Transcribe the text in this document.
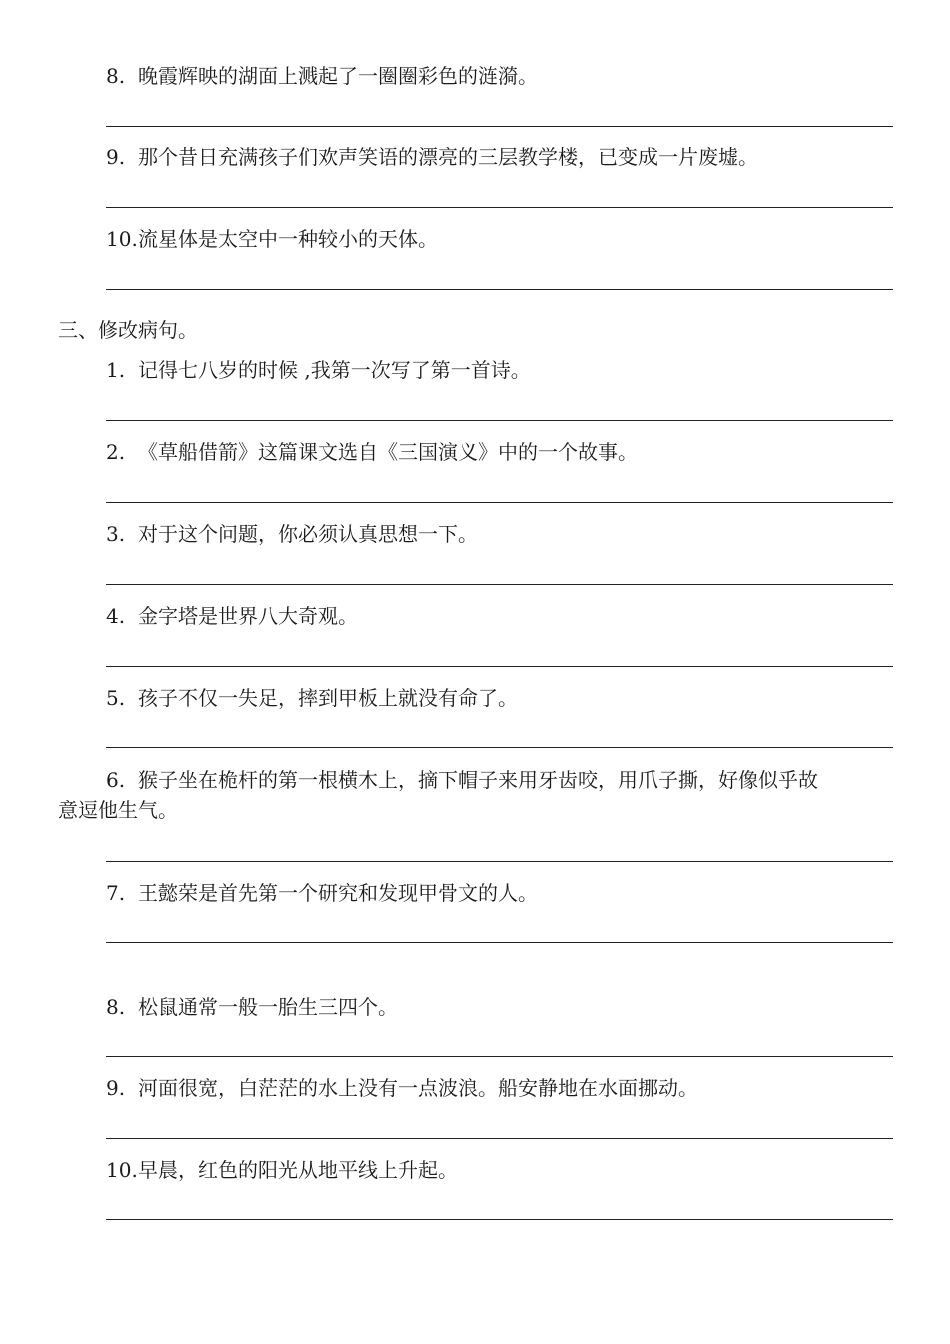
8. 晚霞辉映的湖面上溅起了一圈圈彩色的涟漪。
9. 那个昔日充满孩子们欢声笑语的漂亮的三层教学楼，已变成一片废墟。
10.流星体是太空中一种较小的天体。
三、修改病句。
1. 记得七八岁的时候 ,我第一次写了第一首诗。
2. 《草船借箭》这篇课文选自《三国演义》中的一个故事。
3. 对于这个问题，你必须认真思想一下。
4. 金字塔是世界八大奇观。
5. 孩子不仅一失足，摔到甲板上就没有命了。
6. 猴子坐在桅杆的第一根横木上，摘下帽子来用牙齿咬，用爪子撕，好像似乎故
意逗他生气。
7. 王懿荣是首先第一个研究和发现甲骨文的人。
8. 松鼠通常一般一胎生三四个。
9. 河面很宽，白茫茫的水上没有一点波浪。船安静地在水面挪动。
10.早晨，红色的阳光从地平线上升起。
